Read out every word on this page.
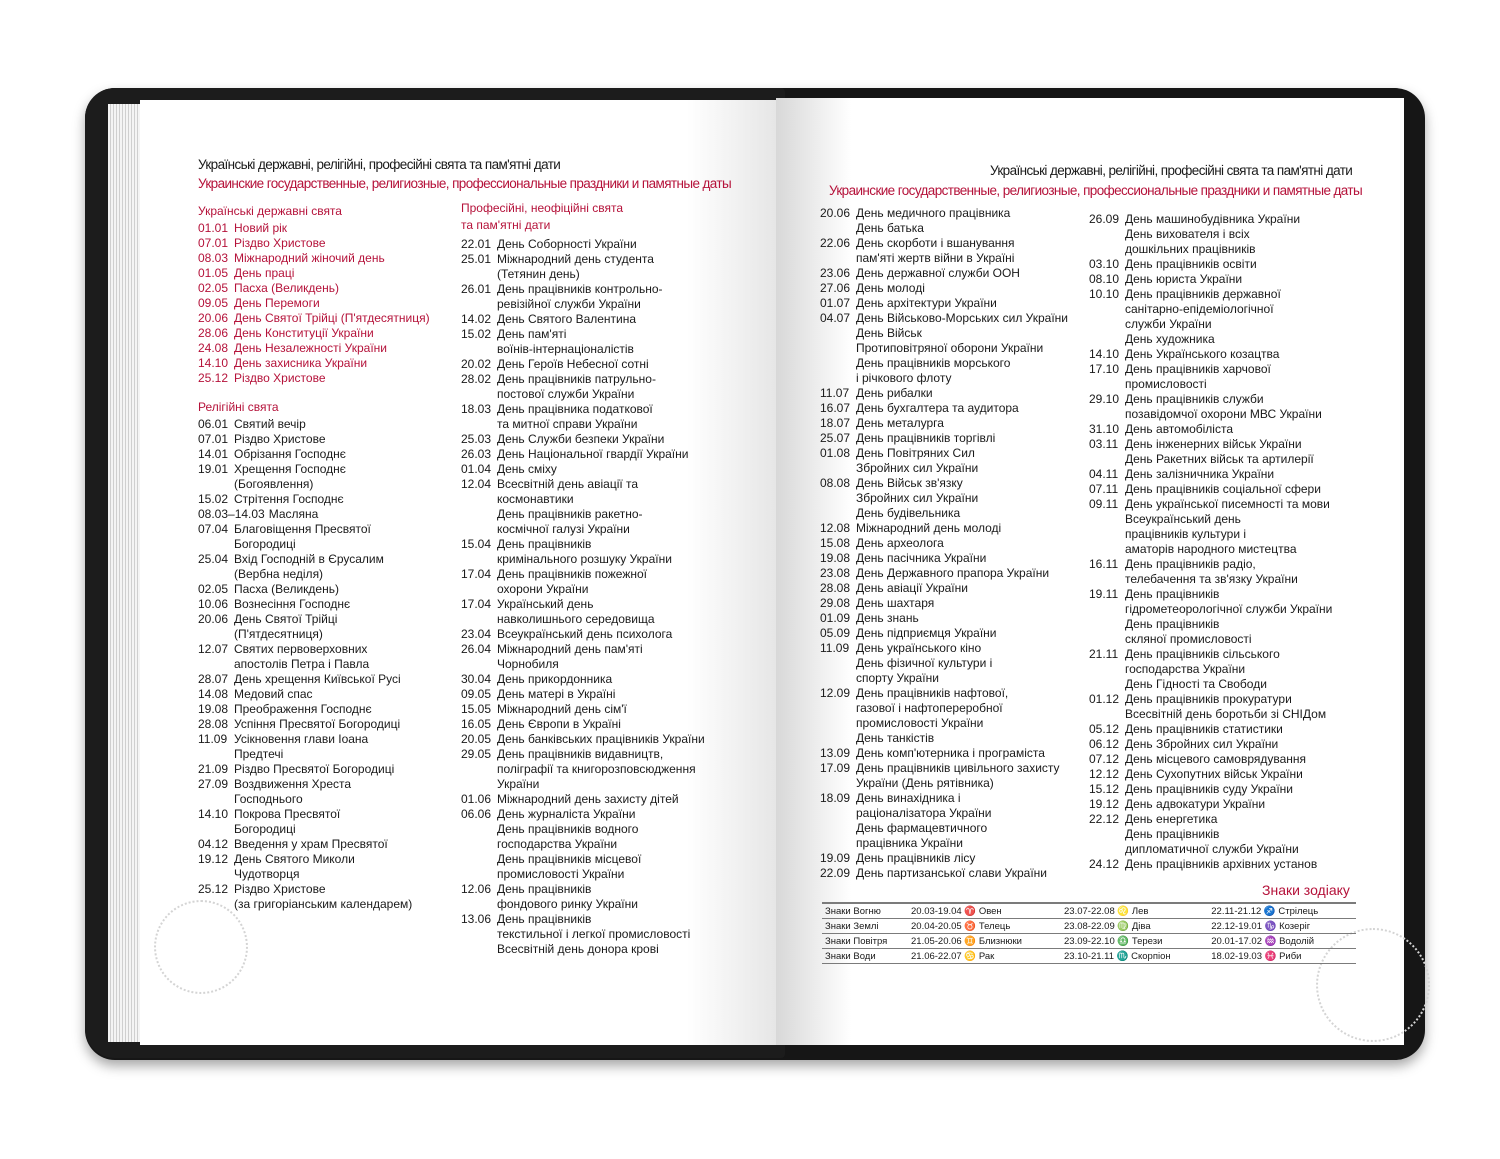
Українські державні, релігійні, професійні свята та пам'ятні дати
Украинские государственные, религиозные, профессиональные праздники и памятные даты
Українські державні свята
01.01 Новий рік
07.01 Різдво Христове
08.03 Міжнародний жіночий день
01.05 День праці
02.05 Пасха (Великдень)
09.05 День Перемоги
20.06 День Святої Трійці (П'ятдесятниця)
28.06 День Конституції України
24.08 День Незалежності України
14.10 День захисника України
25.12 Різдво Христове
Релігійні свята
06.01 Святий вечір
07.01 Різдво Христове
14.01 Обрізання Господнє
19.01 Хрещення Господнє
(Богоявлення)
15.02 Стрітення Господнє
08.03–14.03 Масляна
07.04 Благовіщення Пресвятої
Богородиці
25.04 Вхід Господній в Єрусалим
(Вербна неділя)
02.05 Пасха (Великдень)
10.06 Вознесіння Господнє
20.06 День Святої Трійці
(П'ятдесятниця)
12.07 Святих первоверховних
апостолів Петра і Павла
28.07 День хрещення Київської Русі
14.08 Медовий спас
19.08 Преображення Господнє
28.08 Успіння Пресвятої Богородиці
11.09 Усікновення глави Іоана
Предтечі
21.09 Різдво Пресвятої Богородиці
27.09 Воздвиження Хреста
Господнього
14.10 Покрова Пресвятої
Богородиці
04.12 Введення у храм Пресвятої
19.12 День Святого Миколи
Чудотворця
25.12 Різдво Христове
(за григоріанським календарем)
Професійні, неофіційні свята
та пам'ятні дати
22.01 День Соборності України
25.01 Міжнародний день студента
(Тетянин день)
26.01 День працівників контрольно-
ревізійної служби України
14.02 День Святого Валентина
15.02 День пам'яті
воїнів-інтернаціоналістів
20.02 День Героїв Небесної сотні
28.02 День працівників патрульно-
постової служби України
18.03 День працівника податкової
та митної справи України
25.03 День Служби безпеки України
26.03 День Національної гвардії України
01.04 День сміху
12.04 Всесвітній день авіації та
космонавтики
День працівників ракетно-
космічної галузі України
15.04 День працівників
кримінального розшуку України
17.04 День працівників пожежної
охорони України
17.04 Український день
навколишнього середовища
23.04 Всеукраїнський день психолога
26.04 Міжнародний день пам'яті
Чорнобиля
30.04 День прикордонника
09.05 День матері в Україні
15.05 Міжнародний день сім'ї
16.05 День Європи в Україні
20.05 День банківських працівників України
29.05 День працівників видавництв,
поліграфії та книгорозповсюдження
України
01.06 Міжнародний день захисту дітей
06.06 День журналіста України
День працівників водного
господарства України
День працівників місцевої
промисловості України
12.06 День працівників
фондового ринку України
13.06 День працівників
текстильної і легкої промисловості
Всесвітній день донора крові
Українські державні, релігійні, професійні свята та пам'ятні дати
Украинские государственные, религиозные, профессиональные праздники и памятные даты
20.06 День медичного працівника
День батька
22.06 День скорботи і вшанування
пам'яті жертв війни в Україні
23.06 День державної служби ООН
27.06 День молоді
01.07 День архітектури України
04.07 День Військово-Морських сил України
День Військ
Протиповітряної оборони України
День працівників морського
і річкового флоту
11.07 День рибалки
16.07 День бухгалтера та аудитора
18.07 День металурга
25.07 День працівників торгівлі
01.08 День Повітряних Сил
Збройних сил України
08.08 День Військ зв'язку
Збройних сил України
День будівельника
12.08 Міжнародний день молоді
15.08 День археолога
19.08 День пасічника України
23.08 День Державного прапора України
28.08 День авіації України
29.08 День шахтаря
01.09 День знань
05.09 День підприємця України
11.09 День українського кіно
День фізичної культури і
спорту України
12.09 День працівників нафтової,
газової і нафтопереробної
промисловості України
День танкістів
13.09 День комп'ютерника і програміста
17.09 День працівників цивільного захисту
України (День рятівника)
18.09 День винахідника і
раціоналізатора України
День фармацевтичного
працівника України
19.09 День працівників лісу
22.09 День партизанської слави України
26.09 День машинобудівника України
День вихователя і всіх
дошкільних працівників
03.10 День працівників освіти
08.10 День юриста України
10.10 День працівників державної
санітарно-епідеміологічної
служби України
День художника
14.10 День Українського козацтва
17.10 День працівників харчової
промисловості
29.10 День працівників служби
позавідомчої охорони МВС України
31.10 День автомобіліста
03.11 День інженерних військ України
День Ракетних військ та артилерії
04.11 День залізничника України
07.11 День працівників соціальної сфери
09.11 День української писемності та мови
Всеукраїнський день
працівників культури і
аматорів народного мистецтва
16.11 День працівників радіо,
телебачення та зв'язку України
19.11 День працівників
гідрометеорологічної служби України
День працівників
скляної промисловості
21.11 День працівників сільського
господарства України
День Гідності та Свободи
01.12 День працівників прокуратури
Всесвітній день боротьби зі СНІДом
05.12 День працівників статистики
06.12 День Збройних сил України
07.12 День місцевого самоврядування
12.12 День Сухопутних військ України
15.12 День працівників суду України
19.12 День адвокатури України
22.12 День енергетика
День працівників
дипломатичної служби України
24.12 День працівників архівних установ
Знаки зодіаку
Знаки Вогню	20.03-19.04 ♈ Овен	23.07-22.08 ♌ Лев	22.11-21.12 ♐ Стрілець
Знаки Землі	20.04-20.05 ♉ Телець	23.08-22.09 ♍ Діва	22.12-19.01 ♑ Козеріг
Знаки Повітря	21.05-20.06 ♊ Близнюки	23.09-22.10 ♎ Терези	20.01-17.02 ♒ Водолій
Знаки Води	21.06-22.07 ♋ Рак	23.10-21.11 ♏ Скорпіон	18.02-19.03 ♓ Риби
